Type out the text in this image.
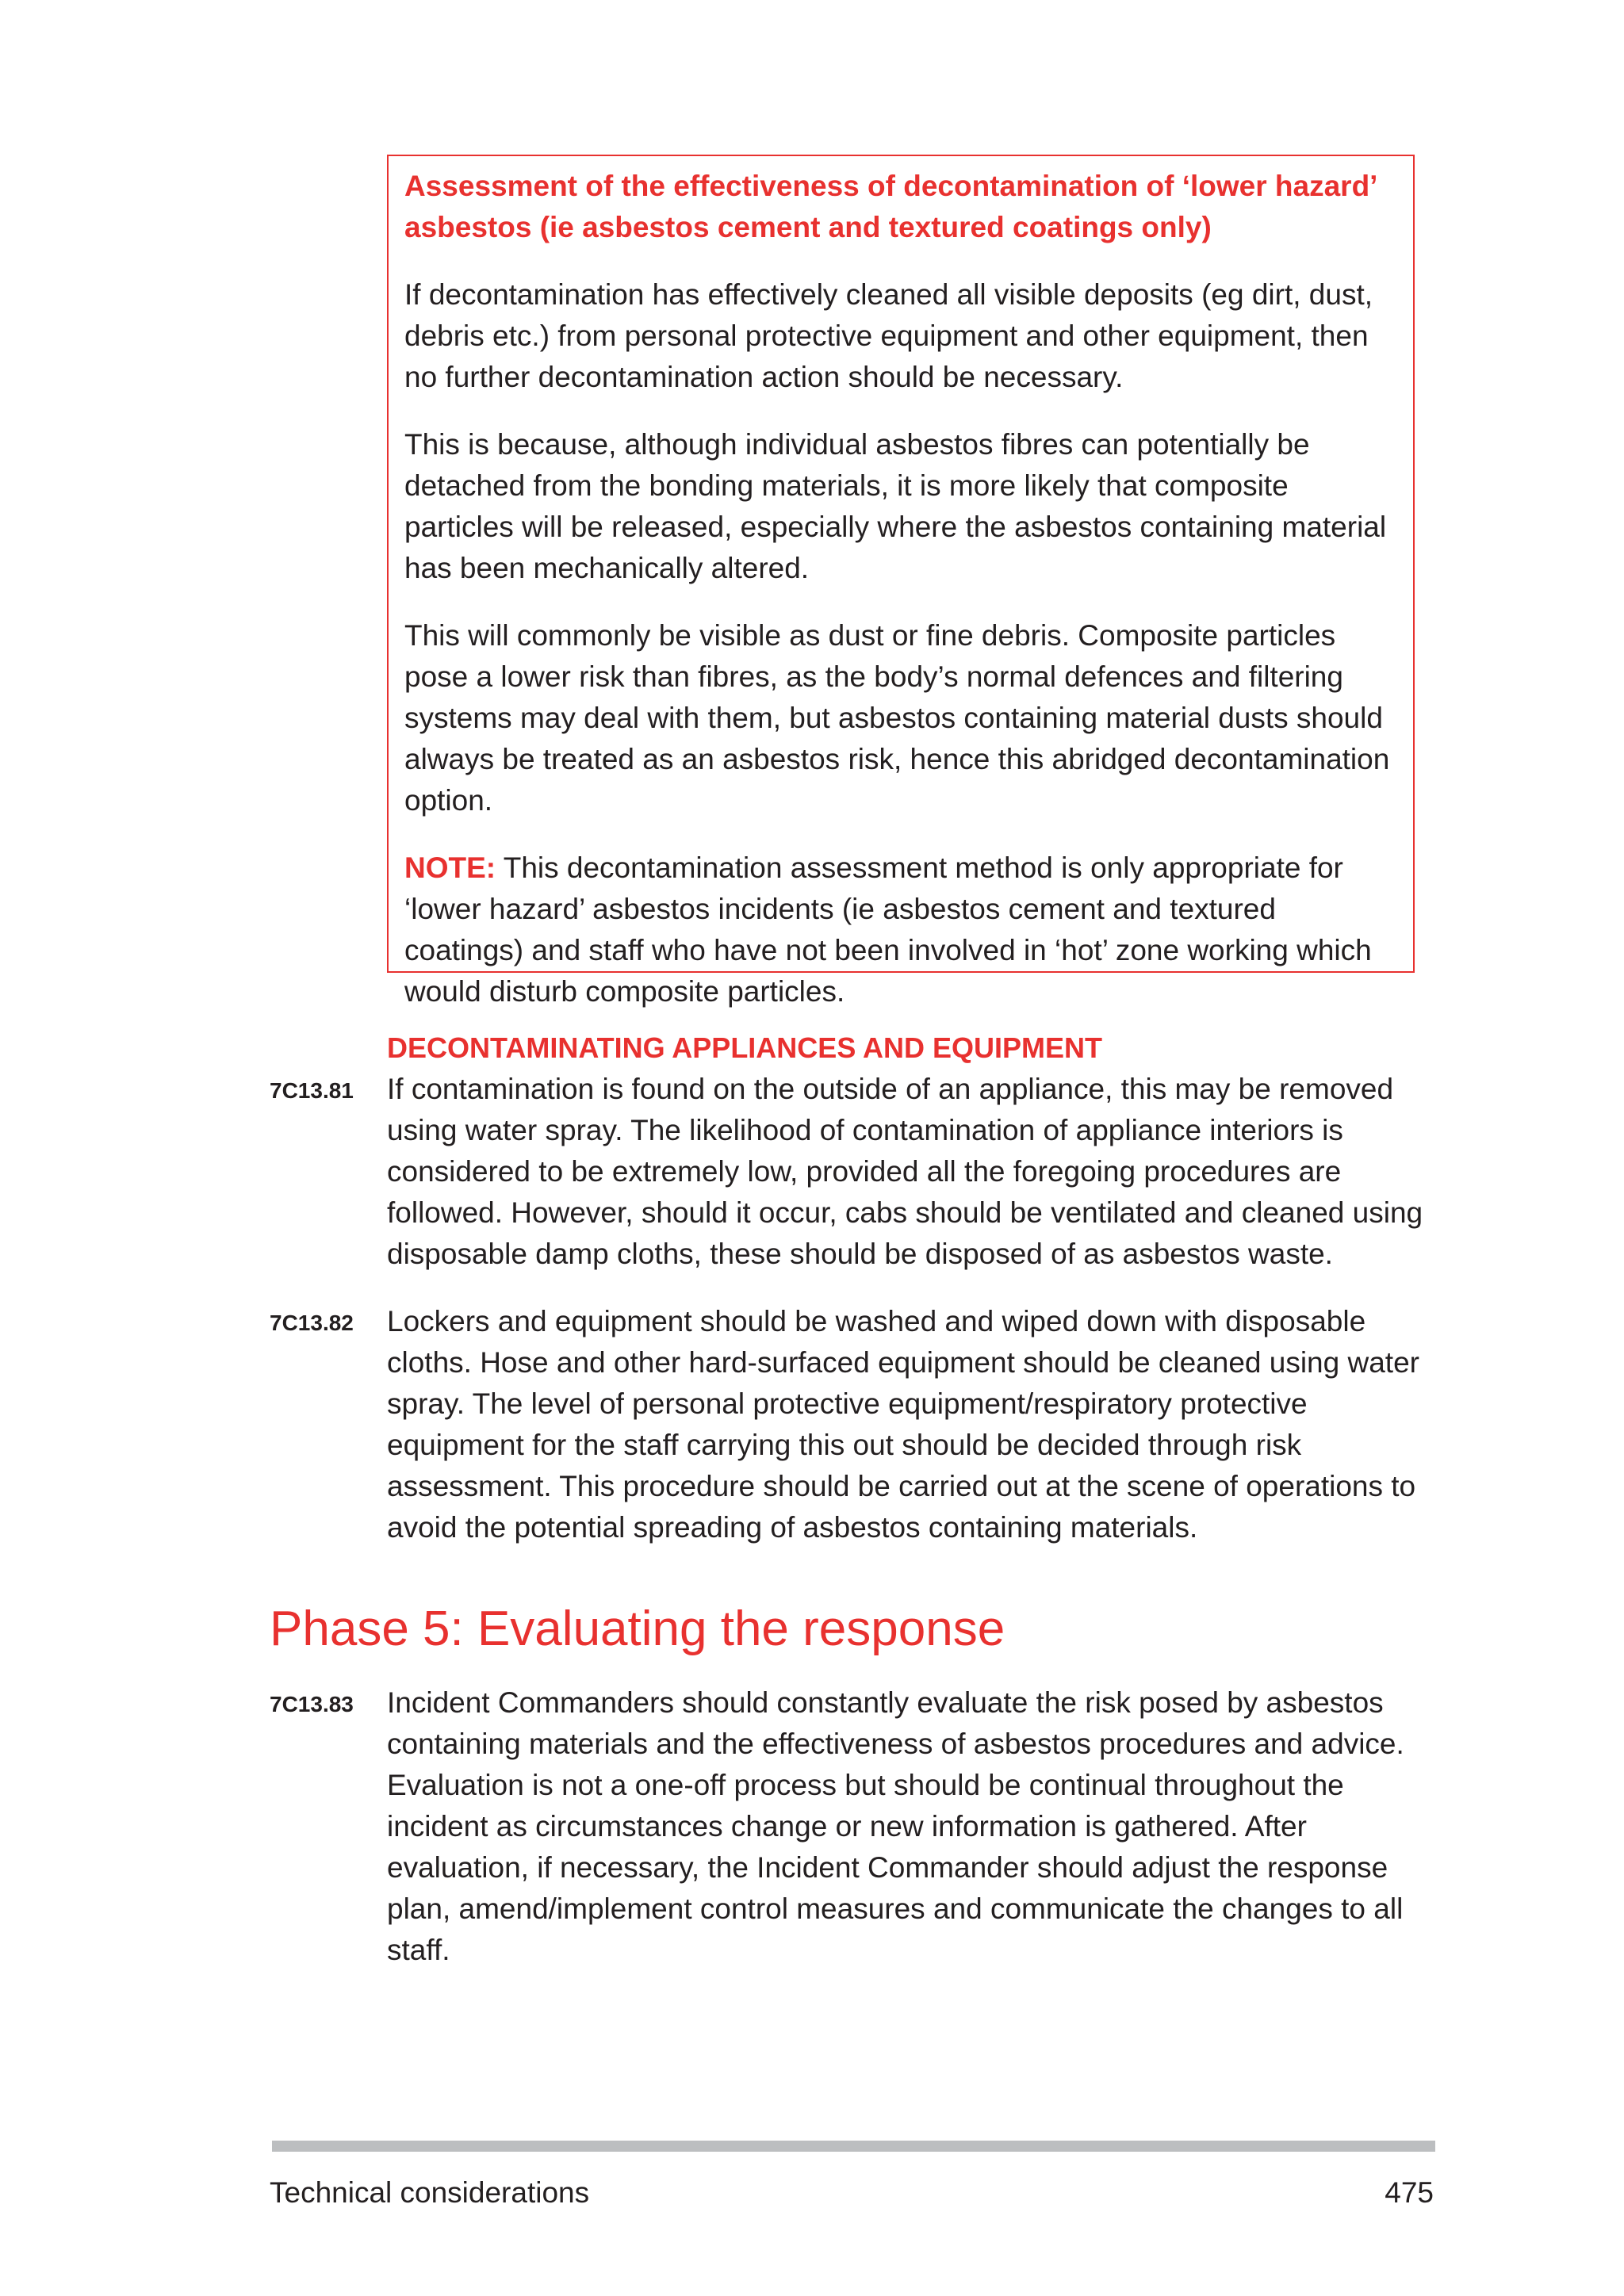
Assessment of the effectiveness of decontamination of ‘lower hazard’ asbestos (ie asbestos cement and textured coatings only)

If decontamination has effectively cleaned all visible deposits (eg dirt, dust, debris etc.) from personal protective equipment and other equipment, then no further decontamination action should be necessary.

This is because, although individual asbestos fibres can potentially be detached from the bonding materials, it is more likely that composite particles will be released, especially where the asbestos containing material has been mechanically altered.

This will commonly be visible as dust or fine debris. Composite particles pose a lower risk than fibres, as the body’s normal defences and filtering systems may deal with them, but asbestos containing material dusts should always be treated as an asbestos risk, hence this abridged decontamination option.

NOTE: This decontamination assessment method is only appropriate for ‘lower hazard’ asbestos incidents (ie asbestos cement and textured coatings) and staff who have not been involved in ‘hot’ zone working which would disturb composite particles.

DECONTAMINATING APPLIANCES AND EQUIPMENT
7C13.81 If contamination is found on the outside of an appliance, this may be removed using water spray. The likelihood of contamination of appliance interiors is considered to be extremely low, provided all the foregoing procedures are followed. However, should it occur, cabs should be ventilated and cleaned using disposable damp cloths, these should be disposed of as asbestos waste.

7C13.82 Lockers and equipment should be washed and wiped down with disposable cloths. Hose and other hard-surfaced equipment should be cleaned using water spray. The level of personal protective equipment/respiratory protective equipment for the staff carrying this out should be decided through risk assessment. This procedure should be carried out at the scene of operations to avoid the potential spreading of asbestos containing materials.

Phase 5: Evaluating the response
7C13.83 Incident Commanders should constantly evaluate the risk posed by asbestos containing materials and the effectiveness of asbestos procedures and advice. Evaluation is not a one-off process but should be continual throughout the incident as circumstances change or new information is gathered. After evaluation, if necessary, the Incident Commander should adjust the response plan, amend/implement control measures and communicate the changes to all staff.

Technical considerations	475
